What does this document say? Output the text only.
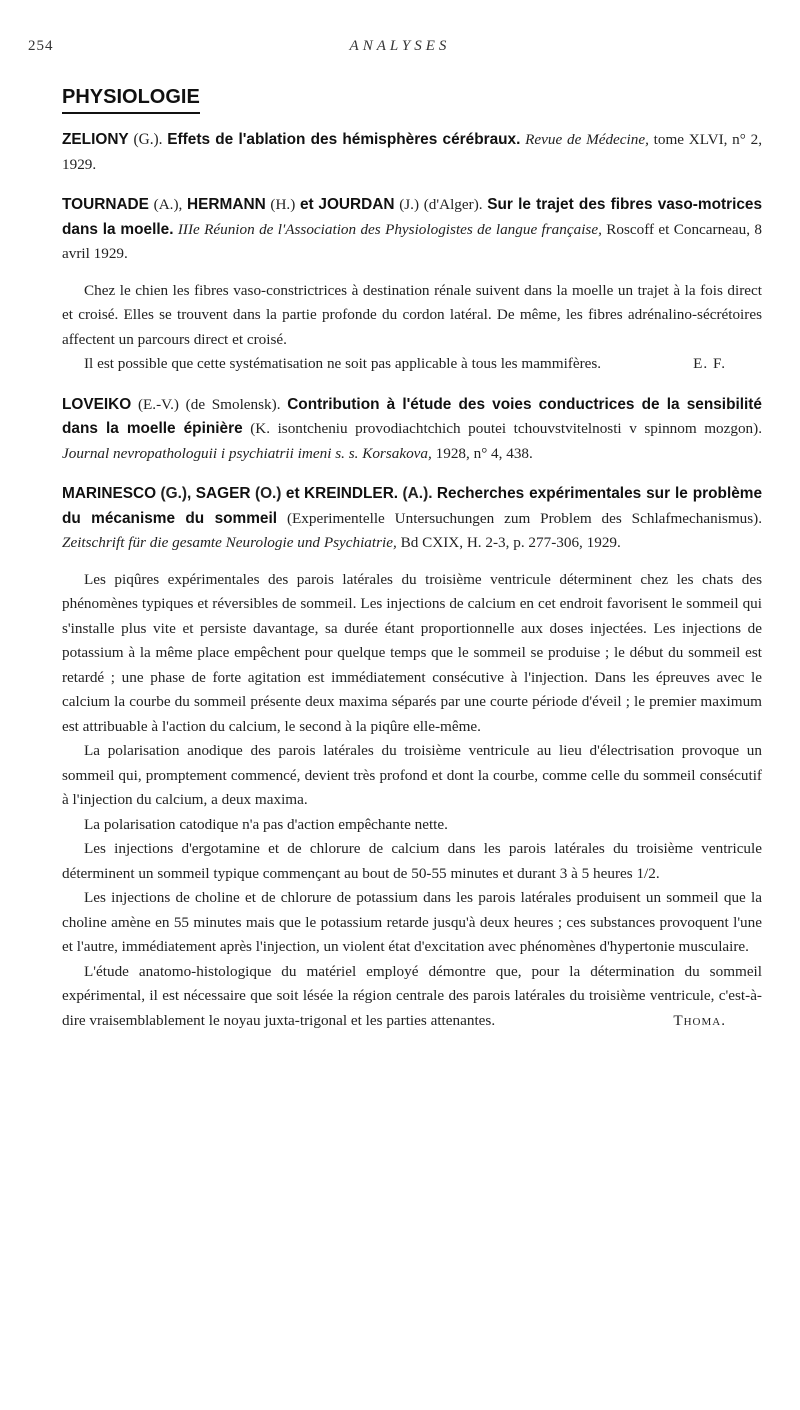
254	ANALYSES
PHYSIOLOGIE
ZELIONY (G.). Effets de l'ablation des hémisphères cérébraux. Revue de Médecine, tome XLVI, n° 2, 1929.
TOURNADE (A.), HERMANN (H.) et JOURDAN (J.) (d'Alger). Sur le trajet des fibres vaso-motrices dans la moelle. IIIe Réunion de l'Association des Physiologistes de langue française, Roscoff et Concarneau, 8 avril 1929.

Chez le chien les fibres vaso-constrictrices à destination rénale suivent dans la moelle un trajet à la fois direct et croisé. Elles se trouvent dans la partie profonde du cordon latéral. De même, les fibres adrénalino-sécrétoires affectent un parcours direct et croisé.

Il est possible que cette systématisation ne soit pas applicable à tous les mammifères.	E. F.

LOVEIKO (E.-V.) (de Smolensk). Contribution à l'étude des voies conductrices de la sensibilité dans la moelle épinière (K. isontcheniu provodiachtchich poutei tchouvstvitelnosti v spinnom mozgon). Journal nevropathologuii i psychiatrii imeni s. s. Korsakova, 1928, n° 4, 438.
MARINESCO (G.), SAGER (O.) et KREINDLER. (A.). Recherches expérimentales sur le problème du mécanisme du sommeil (Experimentelle Untersuchungen zum Problem des Schlafmechanismus). Zeitschrift für die gesamte Neurologie und Psychiatrie, Bd CXIX, H. 2-3, p. 277-306, 1929.

Les piqûres expérimentales des parois latérales du troisième ventricule déterminent chez les chats des phénomènes typiques et réversibles de sommeil. Les injections de calcium en cet endroit favorisent le sommeil qui s'installe plus vite et persiste davantage, sa durée étant proportionnelle aux doses injectées. Les injections de potassium à la même place empêchent pour quelque temps que le sommeil se produise ; le début du sommeil est retardé ; une phase de forte agitation est immédiatement consécutive à l'injection. Dans les épreuves avec le calcium la courbe du sommeil présente deux maxima séparés par une courte période d'éveil ; le premier maximum est attribuable à l'action du calcium, le second à la piqûre elle-même.

La polarisation anodique des parois latérales du troisième ventricule au lieu d'électrisation provoque un sommeil qui, promptement commencé, devient très profond et dont la courbe, comme celle du sommeil consécutif à l'injection du calcium, a deux maxima.

La polarisation catodique n'a pas d'action empêchante nette.

Les injections d'ergotamine et de chlorure de calcium dans les parois latérales du troisième ventricule déterminent un sommeil typique commençant au bout de 50-55 minutes et durant 3 à 5 heures 1/2.

Les injections de choline et de chlorure de potassium dans les parois latérales produisent un sommeil que la choline amène en 55 minutes mais que le potassium retarde jusqu'à deux heures ; ces substances provoquent l'une et l'autre, immédiatement après l'injection, un violent état d'excitation avec phénomènes d'hypertonie musculaire.

L'étude anatomo-histologique du matériel employé démontre que, pour la détermination du sommeil expérimental, il est nécessaire que soit lésée la région centrale des parois latérales du troisième ventricule, c'est-à-dire vraisemblablement le noyau juxta-trigonal et les parties attenantes.	Thoma.
